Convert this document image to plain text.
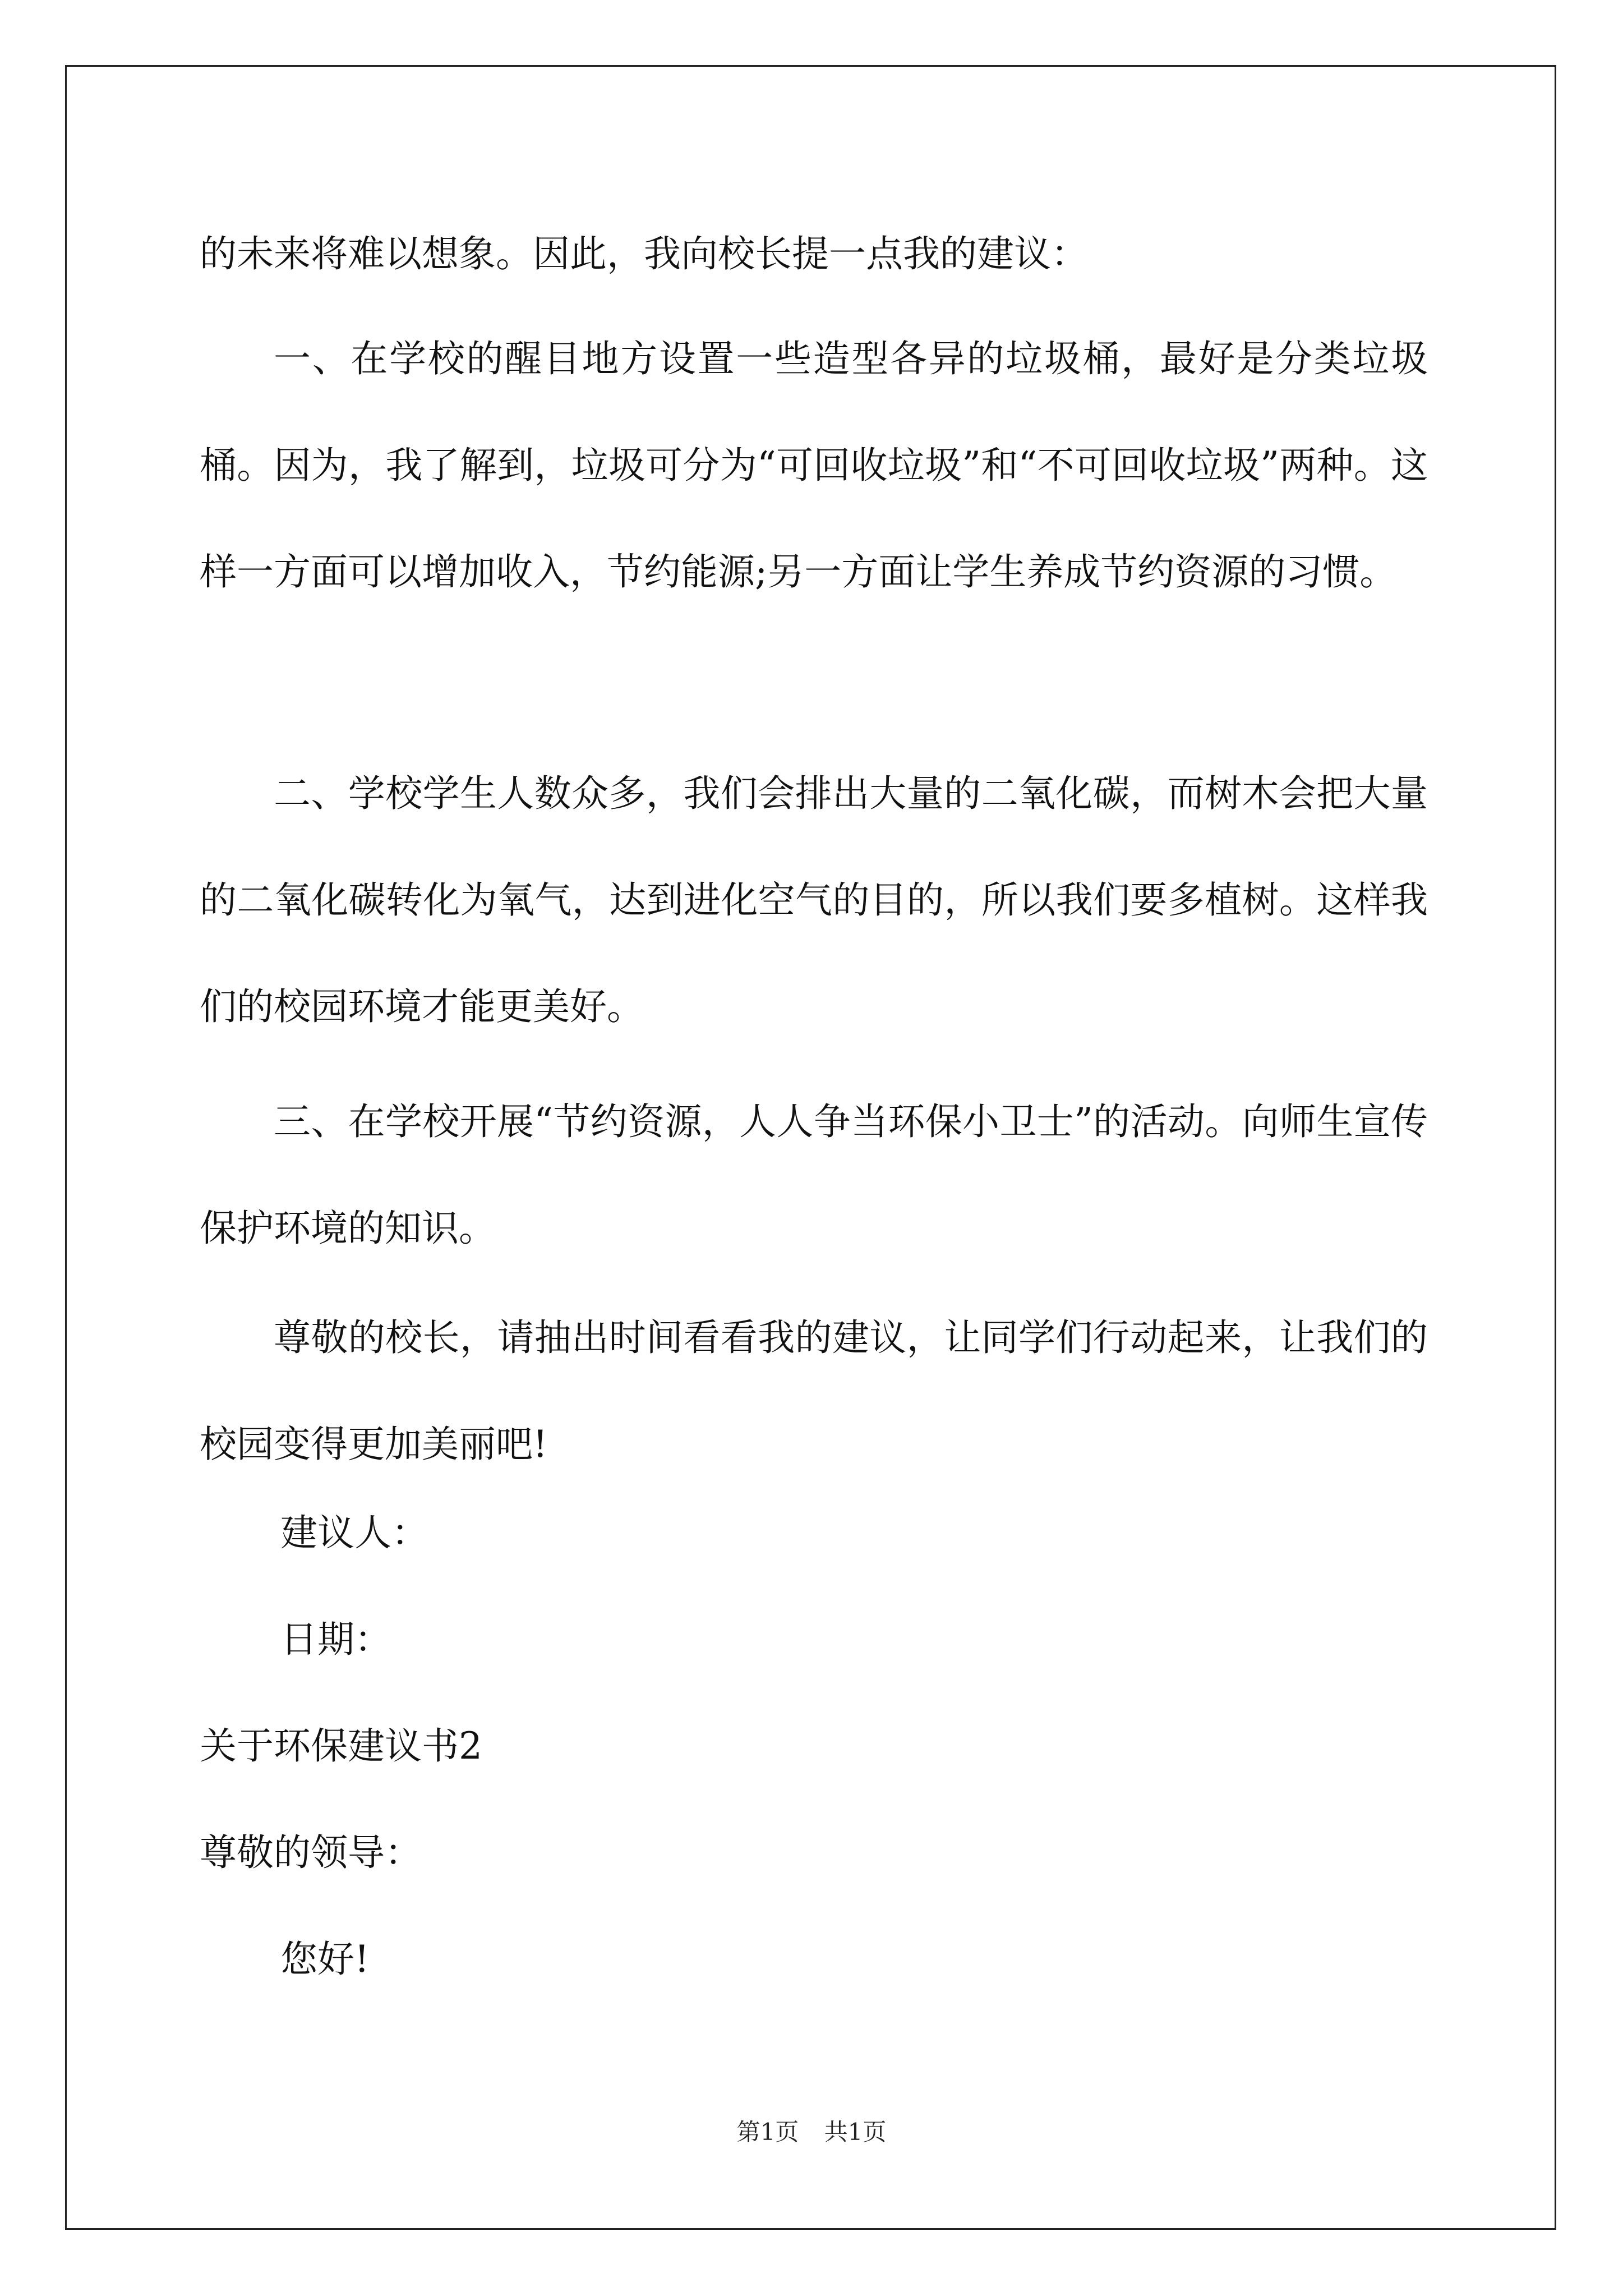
的未来将难以想象。因此，我向校长提一点我的建议：

一、在学校的醒目地方设置一些造型各异的垃圾桶，最好是分类垃圾桶。因为，我了解到，垃圾可分为“可回收垃圾”和“不可回收垃圾”两种。这样一方面可以增加收入，节约能源;另一方面让学生养成节约资源的习惯。

二、学校学生人数众多，我们会排出大量的二氧化碳，而树木会把大量的二氧化碳转化为氧气，达到进化空气的目的，所以我们要多植树。这样我们的校园环境才能更美好。

三、在学校开展“节约资源，人人争当环保小卫士”的活动。向师生宣传保护环境的知识。

尊敬的校长，请抽出时间看看我的建议，让同学们行动起来，让我们的校园变得更加美丽吧!

建议人：

日期：

关于环保建议书2

尊敬的领导：

您好!

第1页 共1页
